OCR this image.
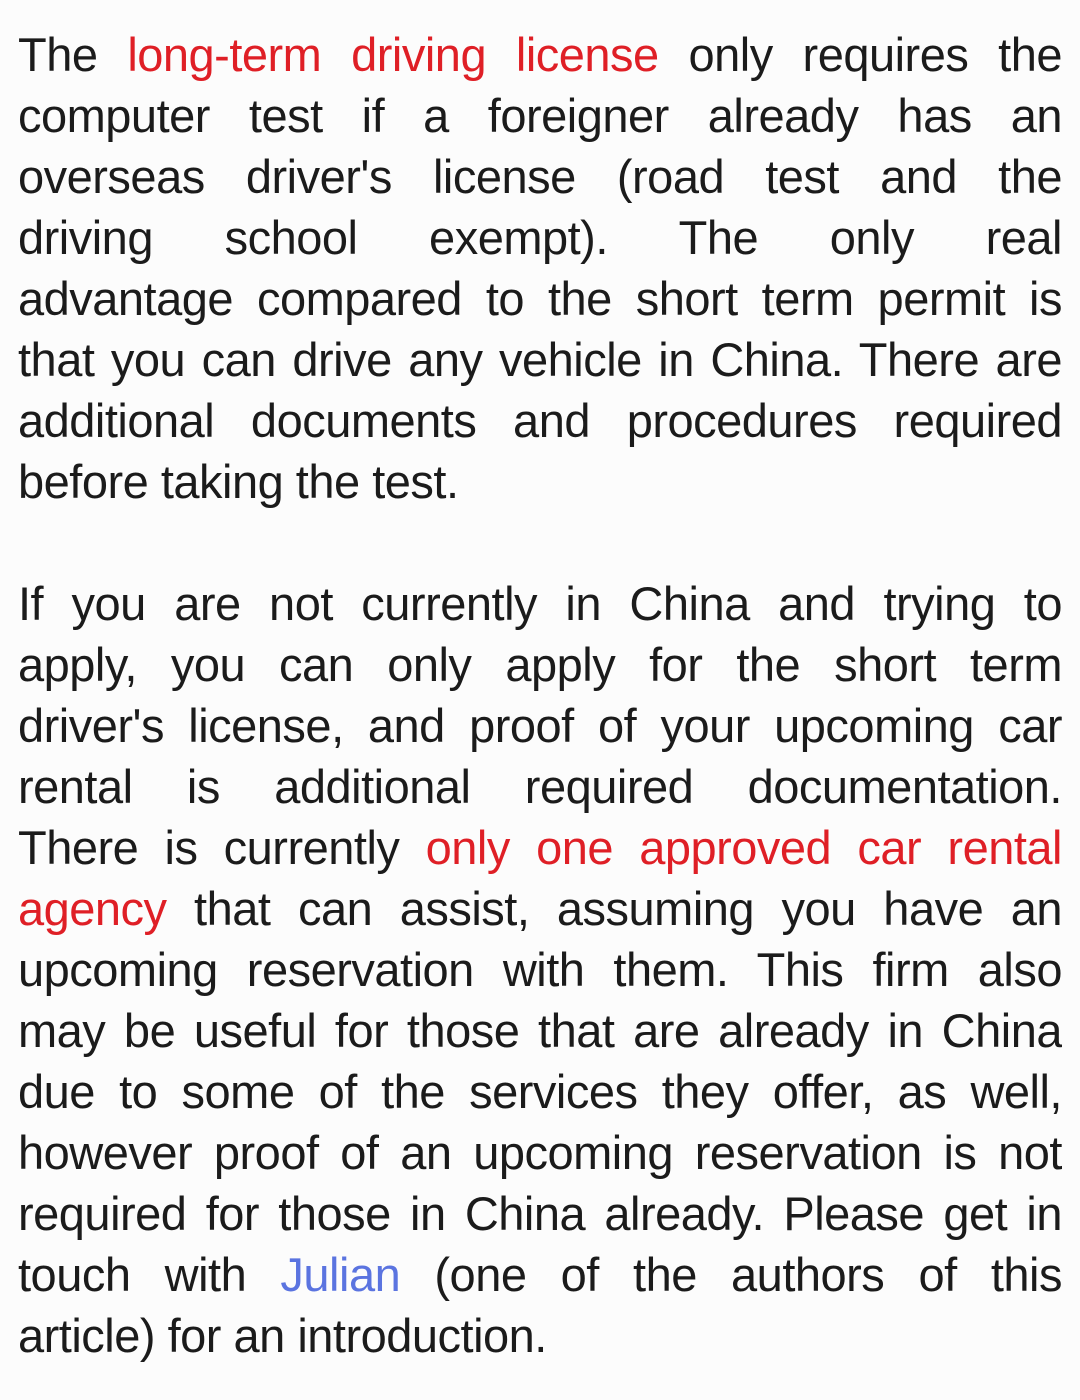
The long-term driving license only requires the
computer test if a foreigner already has an
overseas driver's license (road test and the
driving school exempt). The only real
advantage compared to the short term permit is
that you can drive any vehicle in China. There are
additional documents and procedures required
before taking the test.
If you are not currently in China and trying to
apply, you can only apply for the short term
driver's license, and proof of your upcoming car
rental is additional required documentation.
There is currently only one approved car rental
agency that can assist, assuming you have an
upcoming reservation with them. This firm also
may be useful for those that are already in China
due to some of the services they offer, as well,
however proof of an upcoming reservation is not
required for those in China already. Please get in
touch with Julian (one of the authors of this
article) for an introduction.
